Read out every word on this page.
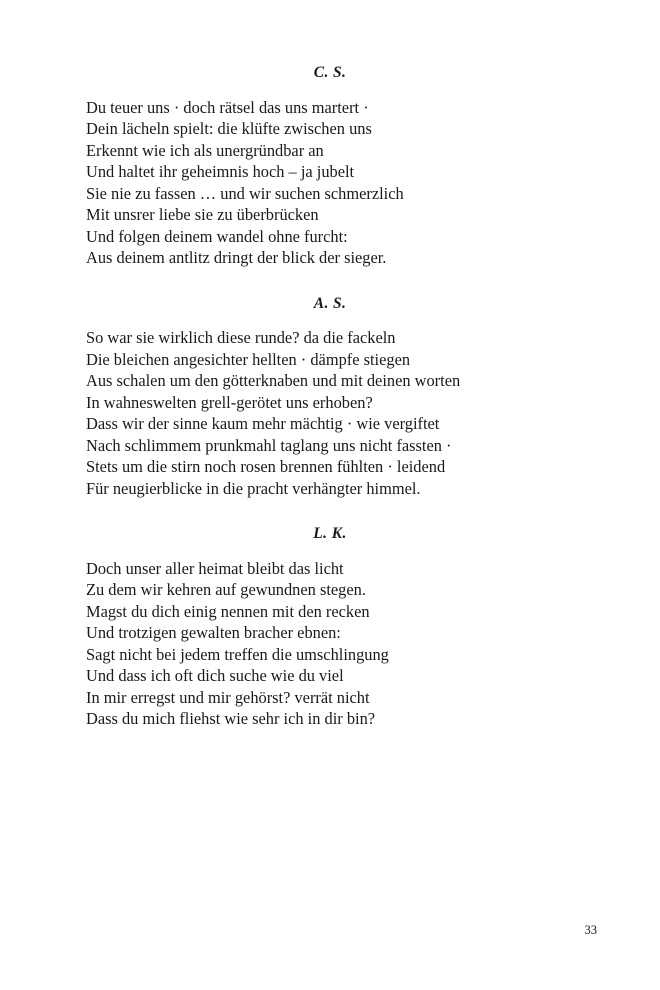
C. S.
Du teuer uns · doch rätsel das uns martert ·
Dein lächeln spielt: die klüfte zwischen uns
Erkennt wie ich als unergründbar an
Und haltet ihr geheimnis hoch – ja jubelt
Sie nie zu fassen … und wir suchen schmerzlich
Mit unsrer liebe sie zu überbrücken
Und folgen deinem wandel ohne furcht:
Aus deinem antlitz dringt der blick der sieger.
A. S.
So war sie wirklich diese runde? da die fackeln
Die bleichen angesichter hellten · dämpfe stiegen
Aus schalen um den götterknaben und mit deinen worten
In wahneswelten grell-gerötet uns erhoben?
Dass wir der sinne kaum mehr mächtig · wie vergiftet
Nach schlimmem prunkmahl taglang uns nicht fassten ·
Stets um die stirn noch rosen brennen fühlten · leidend
Für neugierblicke in die pracht verhängter himmel.
L. K.
Doch unser aller heimat bleibt das licht
Zu dem wir kehren auf gewundnen stegen.
Magst du dich einig nennen mit den recken
Und trotzigen gewalten bracher ebnen:
Sagt nicht bei jedem treffen die umschlingung
Und dass ich oft dich suche wie du viel
In mir erregst und mir gehörst? verrät nicht
Dass du mich fliehst wie sehr ich in dir bin?
33
